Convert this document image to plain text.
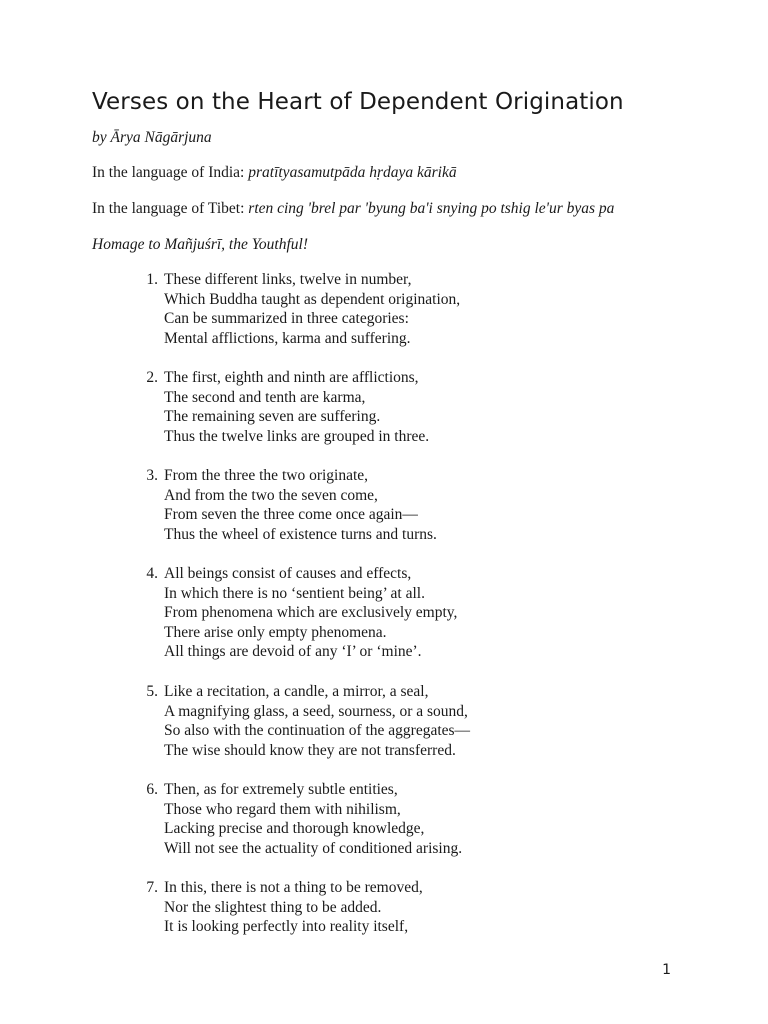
Verses on the Heart of Dependent Origination

by Ārya Nāgārjuna

In the language of India: pratītyasamutpāda hṛdaya kārikā

In the language of Tibet: rten cing 'brel par 'byung ba'i snying po tshig le'ur byas pa

Homage to Mañjuśrī, the Youthful!

1. These different links, twelve in number,
Which Buddha taught as dependent origination,
Can be summarized in three categories:
Mental afflictions, karma and suffering.
2. The first, eighth and ninth are afflictions,
The second and tenth are karma,
The remaining seven are suffering.
Thus the twelve links are grouped in three.
3. From the three the two originate,
And from the two the seven come,
From seven the three come once again—
Thus the wheel of existence turns and turns.
4. All beings consist of causes and effects,
In which there is no ‘sentient being’ at all.
From phenomena which are exclusively empty,
There arise only empty phenomena.
All things are devoid of any ‘I’ or ‘mine’.
5. Like a recitation, a candle, a mirror, a seal,
A magnifying glass, a seed, sourness, or a sound,
So also with the continuation of the aggregates—
The wise should know they are not transferred.
6. Then, as for extremely subtle entities,
Those who regard them with nihilism,
Lacking precise and thorough knowledge,
Will not see the actuality of conditioned arising.
7. In this, there is not a thing to be removed,
Nor the slightest thing to be added.
It is looking perfectly into reality itself,
1
